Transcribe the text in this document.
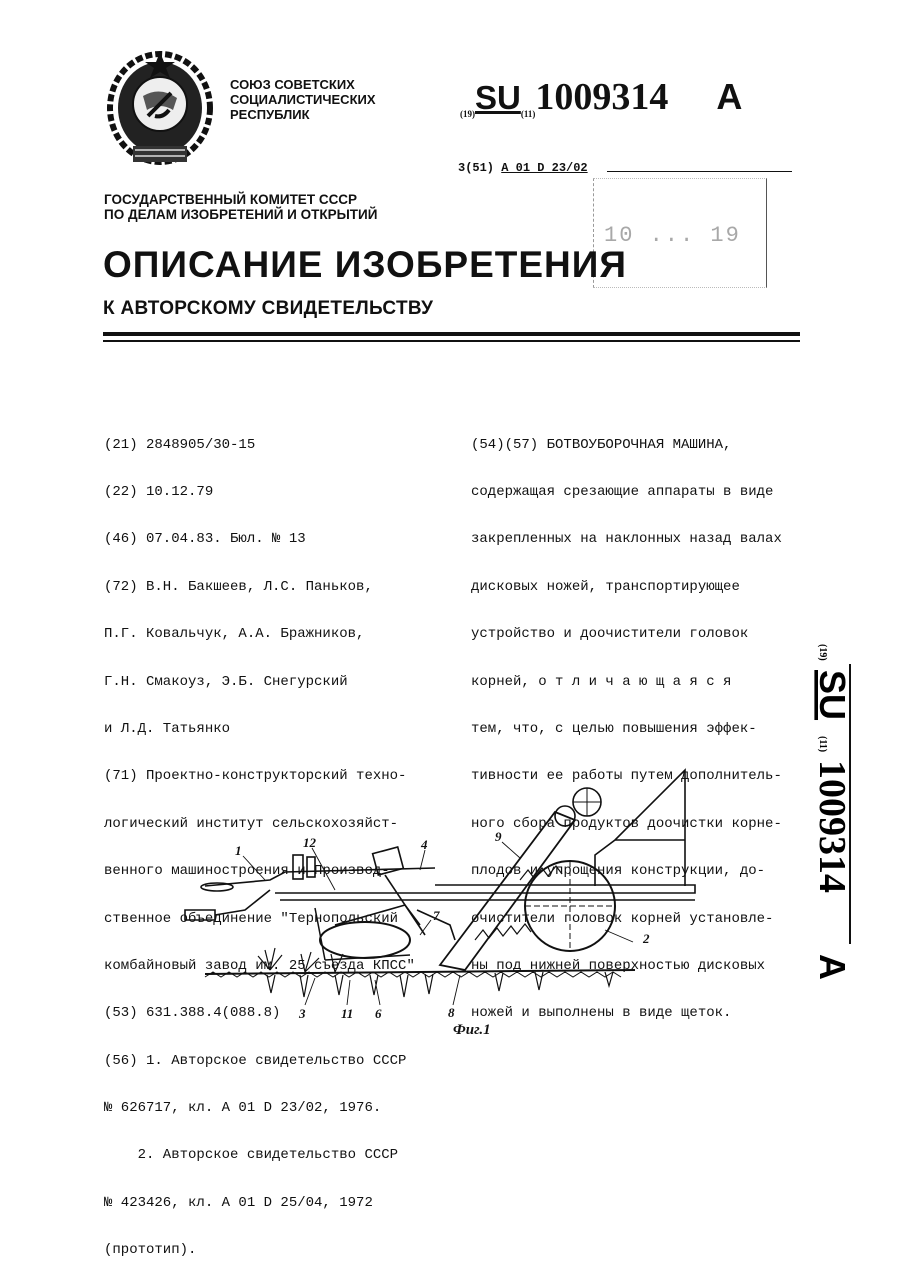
СОЮЗ СОВЕТСКИХ
СОЦИАЛИСТИЧЕСКИХ
РЕСПУБЛИК
ГОСУДАРСТВЕННЫЙ КОМИТЕТ СССР
ПО ДЕЛАМ ИЗОБРЕТЕНИЙ И ОТКРЫТИЙ
(19)SU(11)1009314 A
3(51) A 01 D 23/02
10 ... 19
ОПИСАНИЕ ИЗОБРЕТЕНИЯ
К АВТОРСКОМУ СВИДЕТЕЛЬСТВУ

(21) 2848905/30-15

(22) 10.12.79

(46) 07.04.83. Бюл. № 13

(72) В.Н. Бакшеев, Л.С. Паньков,

П.Г. Ковальчук, А.А. Бражников,

Г.Н. Смакоуз, Э.Б. Снегурский

и Л.Д. Татьянко

(71) Проектно-конструкторский техно-

логический институт сельскохозяйст-

венного машиностроения и Производ-

ственное объединение "Тернопольский

комбайновый завод им. 25 съезда КПСС"

(53) 631.388.4(088.8)

(56) 1. Авторское свидетельство СССР

№ 626717, кл. A 01 D 23/02, 1976.

2. Авторское свидетельство СССР

№ 423426, кл. A 01 D 25/04, 1972

(прототип).

(54)(57) БОТВОУБОРОЧНАЯ МАШИНА,

содержащая срезающие аппараты в виде

закрепленных на наклонных назад валах

дисковых ножей, транспортирующее

устройство и доочистители головок

корней, о т л и ч а ю щ а я с я

тем, что, с целью повышения эффек-

тивности ее работы путем дополнитель-

ного сбора продуктов доочистки корне-

плодов и упрощения конструкции, до-

очистители головок корней установле-

ны под нижней поверхностью дисковых

ножей и выполнены в виде щеток.

(19)
SU
(11)
1009314
A
1
12	4
9
7
2
3	11 6	8
Фиг.1
